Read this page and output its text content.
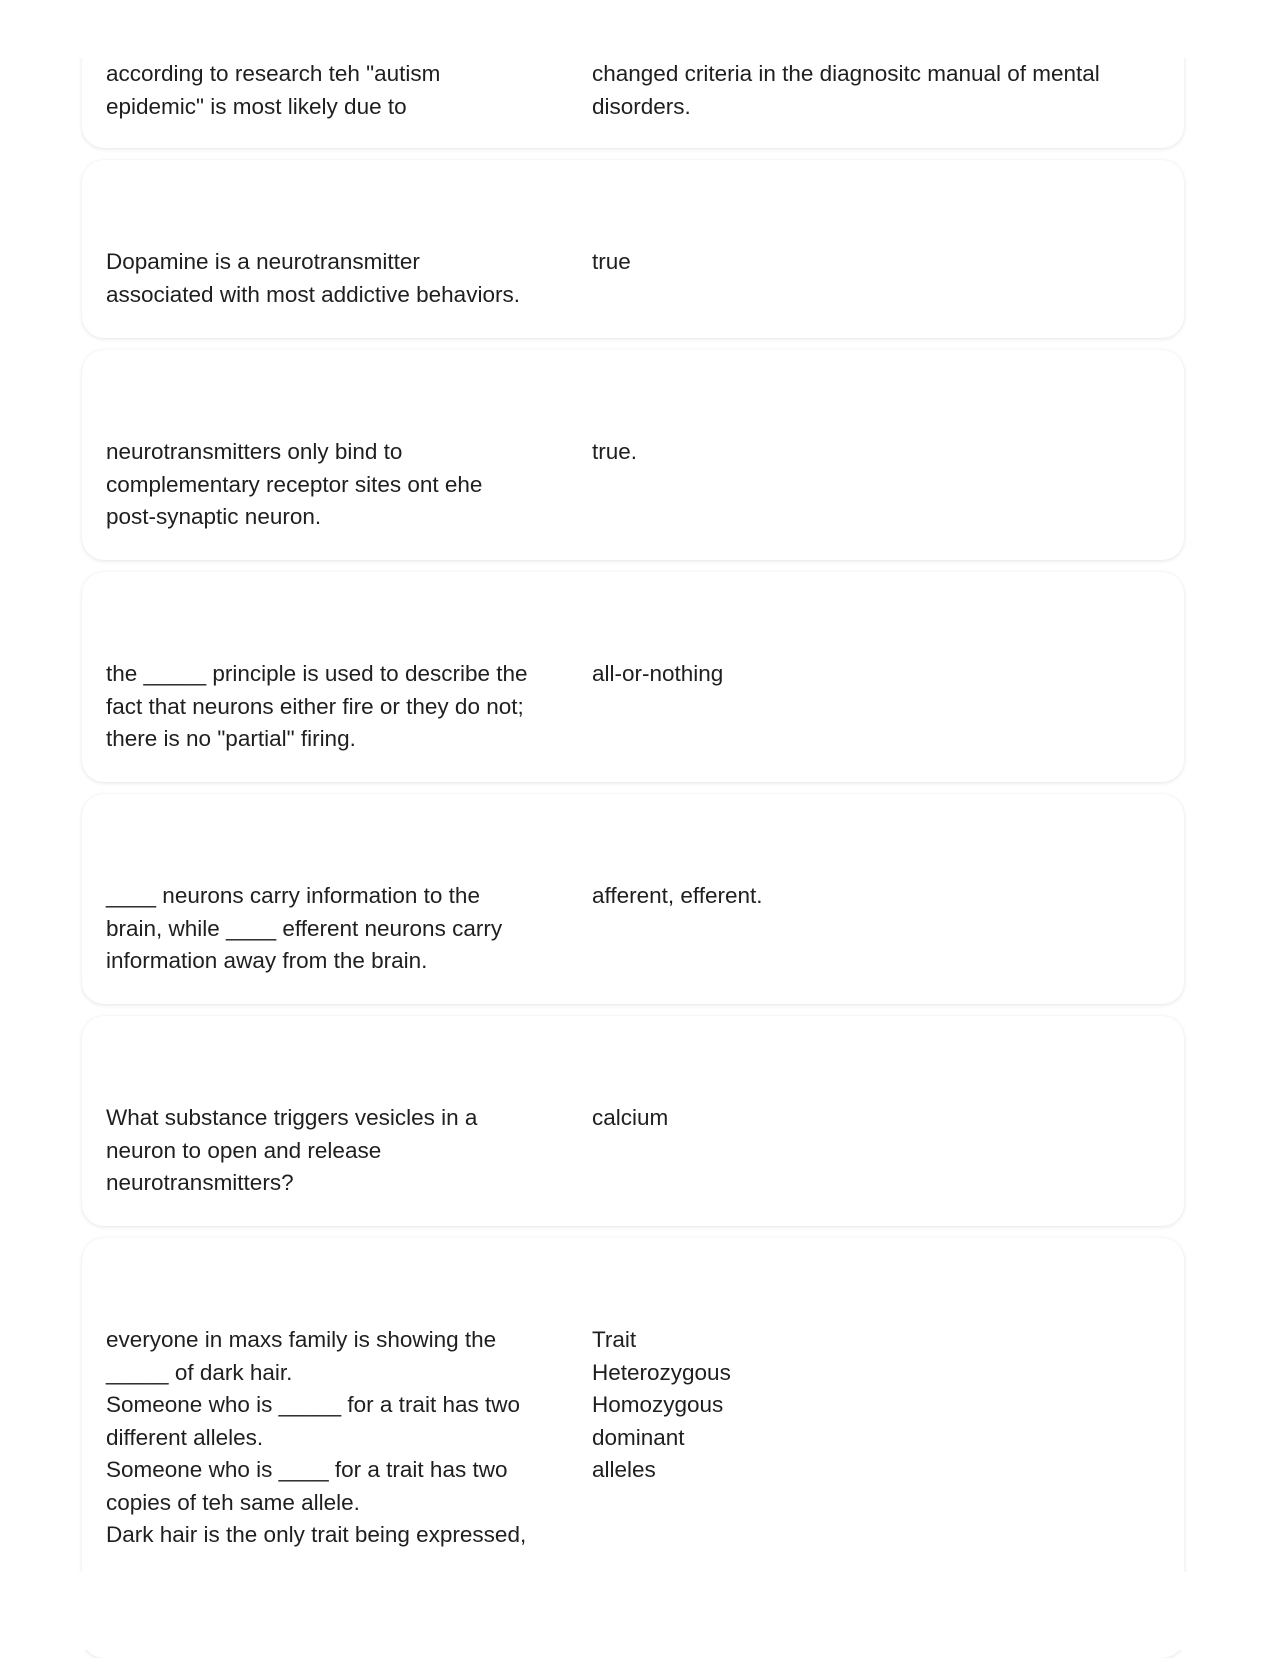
according to research teh "autism
epidemic" is most likely due to
changed criteria in the diagnositc manual of mental
disorders.
Dopamine is a neurotransmitter
associated with most addictive behaviors.
true
neurotransmitters only bind to
complementary receptor sites ont ehe
post-synaptic neuron.
true.
the _____ principle is used to describe the
fact that neurons either fire or they do not;
there is no "partial" firing.
all-or-nothing
____ neurons carry information to the
brain, while ____ efferent neurons carry
information away from the brain.
afferent, efferent.
What substance triggers vesicles in a
neuron to open and release
neurotransmitters?
calcium
everyone in maxs family is showing the
_____ of dark hair.
Someone who is _____ for a trait has two
different alleles.
Someone who is ____ for a trait has two
copies of teh same allele.
Dark hair is the only trait being expressed,
Trait
Heterozygous
Homozygous
dominant
alleles
